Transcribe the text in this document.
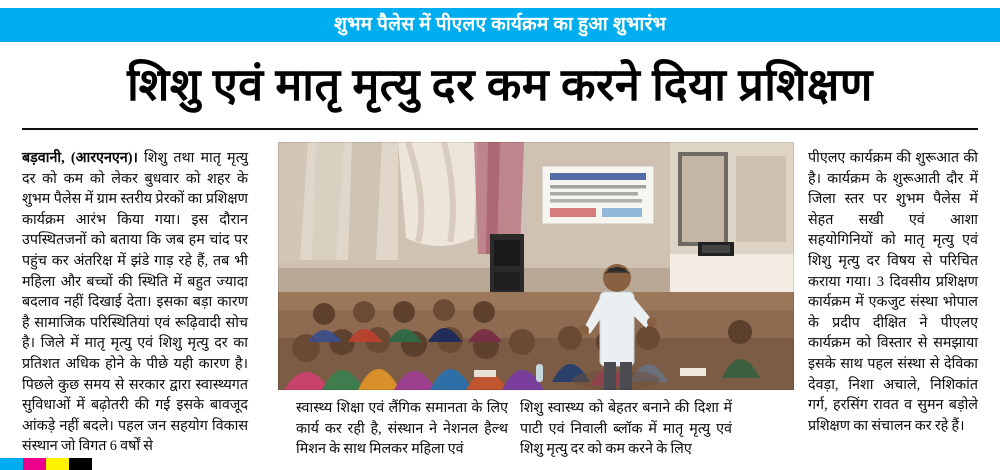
शुभम पैलेस में पीएलए कार्यक्रम का हुआ शुभारंभ
शिशु एवं मातृ मृत्यु दर कम करने दिया प्रशिक्षण
बड़वानी, (आरएनएन)। शिशु तथा मातृ मृत्यु दर को कम को लेकर बुधवार को शहर के शुभम पैलेस में ग्राम स्तरीय प्रेरकों का प्रशिक्षण कार्यक्रम आरंभ किया गया। इस दौरान उपस्थितजनों को बताया कि जब हम चांद पर पहुंच कर अंतरिक्ष में झंडे गाड़ रहे हैं, तब भी महिला और बच्चों की स्थिति में बहुत ज्यादा बदलाव नहीं दिखाई देता। इसका बड़ा कारण है सामाजिक परिस्थितियां एवं रूढ़िवादी सोच है। जिले में मातृ मृत्यु एवं शिशु मृत्यु दर का प्रतिशत अधिक होने के पीछे यही कारण है। पिछले कुछ समय से सरकार द्वारा स्वास्थ्यगत सुविधाओं में बढ़ोतरी की गई इसके बावजूद आंकड़े नहीं बदले। पहल जन सहयोग विकास संस्थान जो विगत 6 वर्षों से
पीएलए कार्यक्रम की शुरूआत की है। कार्यक्रम के शुरूआती दौर में जिला स्तर पर शुभम पैलेस में सेहत सखी एवं आशा सहयोगिनियों को मातृ मृत्यु एवं शिशु मृत्यु दर विषय से परिचित कराया गया। 3 दिवसीय प्रशिक्षण कार्यक्रम में एकजुट संस्था भोपाल के प्रदीप दीक्षित ने पीएलए कार्यक्रम को विस्तार से समझाया इसके साथ पहल संस्था से देविका देवड़ा, निशा अचाले, निशिकांत गर्ग, हरसिंग रावत व सुमन बड़ोले प्रशिक्षण का संचालन कर रहे हैं।
स्वास्थ्य शिक्षा एवं लैंगिक समानता के लिए कार्य कर रही है, संस्थान ने नेशनल हैल्थ मिशन के साथ मिलकर महिला एवं
शिशु स्वास्थ्य को बेहतर बनाने की दिशा में पाटी एवं निवाली ब्लॉक में मातृ मृत्यु एवं शिशु मृत्यु दर को कम करने के लिए
